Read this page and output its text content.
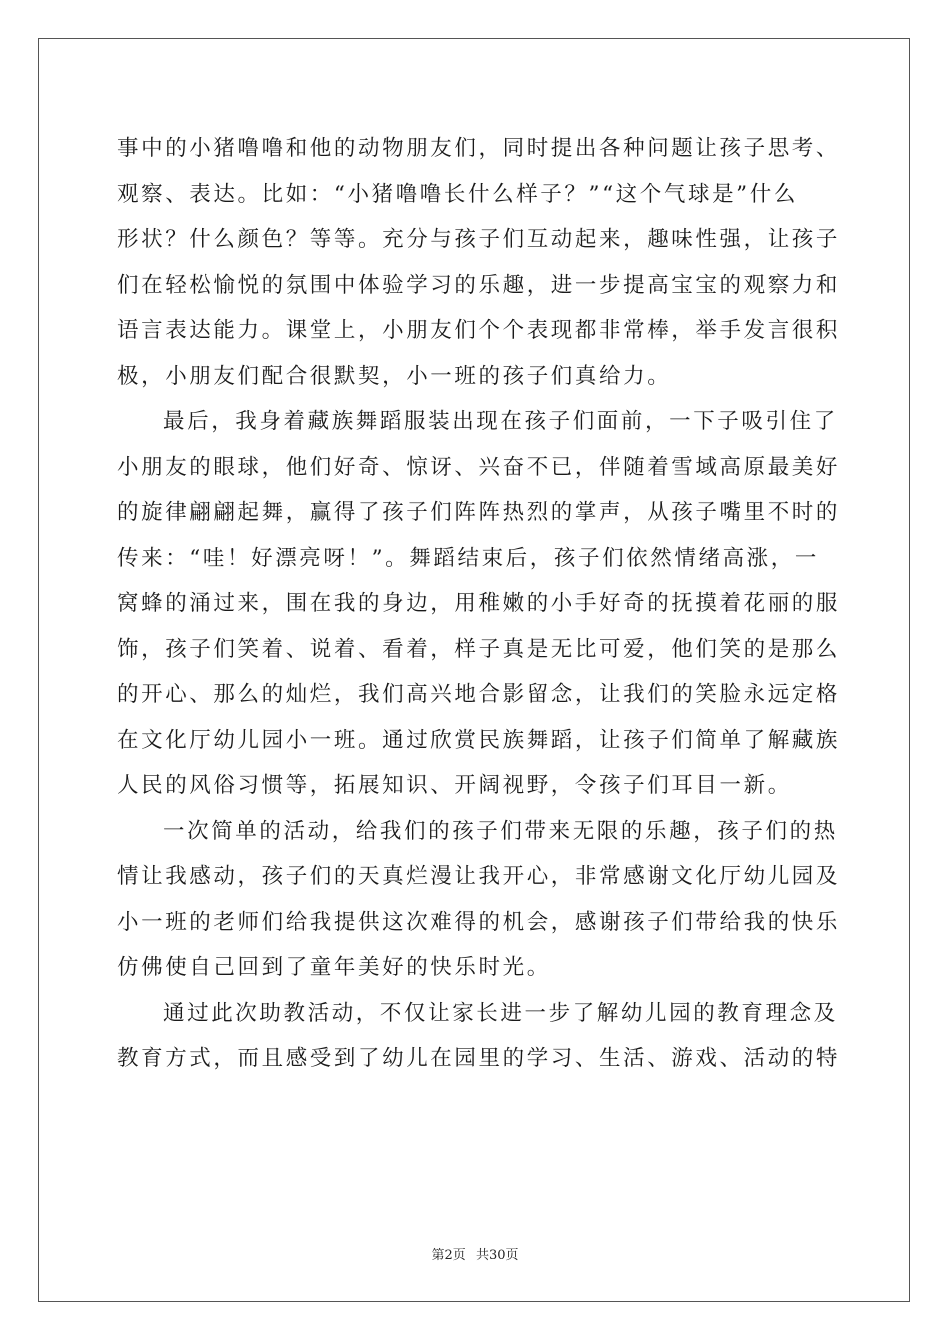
事中的小猪噜噜和他的动物朋友们，同时提出各种问题让孩子思考、
观察、表达。比如：“小猪噜噜长什么样子？”“这个气球是”什么
形状？什么颜色？等等。充分与孩子们互动起来，趣味性强，让孩子
们在轻松愉悦的氛围中体验学习的乐趣，进一步提高宝宝的观察力和
语言表达能力。课堂上，小朋友们个个表现都非常棒，举手发言很积
极，小朋友们配合很默契，小一班的孩子们真给力。
最后，我身着藏族舞蹈服装出现在孩子们面前，一下子吸引住了
小朋友的眼球，他们好奇、惊讶、兴奋不已，伴随着雪域高原最美好
的旋律翩翩起舞，赢得了孩子们阵阵热烈的掌声，从孩子嘴里不时的
传来：“哇！好漂亮呀！”。舞蹈结束后，孩子们依然情绪高涨，一
窝蜂的涌过来，围在我的身边，用稚嫩的小手好奇的抚摸着花丽的服
饰，孩子们笑着、说着、看着，样子真是无比可爱，他们笑的是那么
的开心、那么的灿烂，我们高兴地合影留念，让我们的笑脸永远定格
在文化厅幼儿园小一班。通过欣赏民族舞蹈，让孩子们简单了解藏族
人民的风俗习惯等，拓展知识、开阔视野，令孩子们耳目一新。
一次简单的活动，给我们的孩子们带来无限的乐趣，孩子们的热
情让我感动，孩子们的天真烂漫让我开心，非常感谢文化厅幼儿园及
小一班的老师们给我提供这次难得的机会，感谢孩子们带给我的快乐
仿佛使自己回到了童年美好的快乐时光。
通过此次助教活动，不仅让家长进一步了解幼儿园的教育理念及
教育方式，而且感受到了幼儿在园里的学习、生活、游戏、活动的特
第2页 共30页
